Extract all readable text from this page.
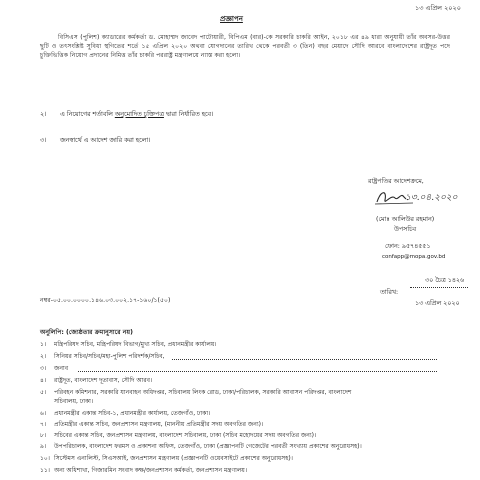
১৩ এপ্রিল ২০২০
প্রজ্ঞাপন
বিসিএস (পুলিশ) ক্যাডারের কর্মকর্তা ড. মোহাম্মদ জাবেদ পাটোয়ারী, বিপিএম (বার)-কে সরকারি চাকরি আইন, ২০১৮ এর ৪৯ ধারা অনুযায়ী তাঁর অবসর-উত্তর ছুটি ও তৎসংশ্লিষ্ট সুবিধা স্থগিতের শর্তে ১৫ এপ্রিল ২০২০ অথবা যোগদানের তারিখ থেকে পরবর্তী ৩ (তিন) বছর মেয়াদে সৌদি আরবে বাংলাদেশের রাষ্ট্রদূত পদে চুক্তিভিত্তিক নিয়োগ প্রদানের নিমিত্ত তাঁর চাকরি পররাষ্ট্র মন্ত্রণালয়ে ন্যাস্ত করা হলো।
২। এ নিয়োগের শর্তাবলি অনুমোদিত চুক্তিপত্র দ্বারা নির্ধারিত হবে।
৩। জনস্বার্থে এ আদেশ জারি করা হলো।
রাষ্ট্রপতির আদেশক্রমে,
১৩.০৪.২০২০
(মোঃ আলিউর রহমান)
উপসচিব
ফোন: ৯৫৭৪৫৫১
confapp@mopa.gov.bd
৩০ চৈত্র ১৪২৬
তারিখ:
১৩ এপ্রিল ২০২০
নম্বর-০৫.০০.০০০০.১৪৬.০৩.০০২.১৭-১৬০/১(৫০)
অনুলিপি: (জ্যেষ্ঠতার ক্রমানুসারে নয়)
১। মন্ত্রিপরিষদ সচিব, মন্ত্রিপরিষদ বিভাগ/মুখ্য সচিব, প্রধানমন্ত্রীর কার্যালয়।
২। সিনিয়র সচিব/সচিব/মহা-পুলিশ পরিদর্শক/সচিব,
৩। জনাব
৪। রাষ্ট্রদূত, বাংলাদেশ দূতাবাস, সৌদি আরব।
৫। পরিবহন কমিশনার, সরকারি যানবাহন অধিদপ্তর, সচিবালয় লিংক রোড, ঢাকা/পরিচালক, সরকারি আবাসন পরিদপ্তর, বাংলাদেশ
সচিবালয়, ঢাকা।
৬। প্রধানমন্ত্রীর একান্ত সচিব-১, প্রধানমন্ত্রীর কার্যালয়, তেজগাঁও, ঢাকা।
৭। প্রতিমন্ত্রীর একান্ত সচিব, জনপ্রশাসন মন্ত্রণালয়, (মাননীয় প্রতিমন্ত্রীর সদয় অবগতির জন্য)।
৮। সচিবের একান্ত সচিব, জনপ্রশাসন মন্ত্রণালয়, বাংলাদেশ সচিবালয়, ঢাকা (সচিব মহোদয়ের সদয় অবগতির জন্য)।
৯। উপপরিচালক, বাংলাদেশ ফরমস ও প্রকাশনা অফিস, তেজগাঁও, ঢাকা (প্রজ্ঞাপনটি গেজেটের পরবর্তী সংখ্যায় প্রকাশের অনুরোধসহ)।
১০। সিস্টেমস এনালিস্ট, সিএসআই, জনপ্রশাসন মন্ত্রণালয় (প্রজ্ঞাপনটি ওয়েবসাইটে প্রকাশের অনুরোধসহ)।
১১। অন্য অধিশাখা, গিজারমিন সংবাদ কক্ষ/জনপ্রশাসন কর্মকর্তা, জনপ্রশাসন মন্ত্রণালয়।
